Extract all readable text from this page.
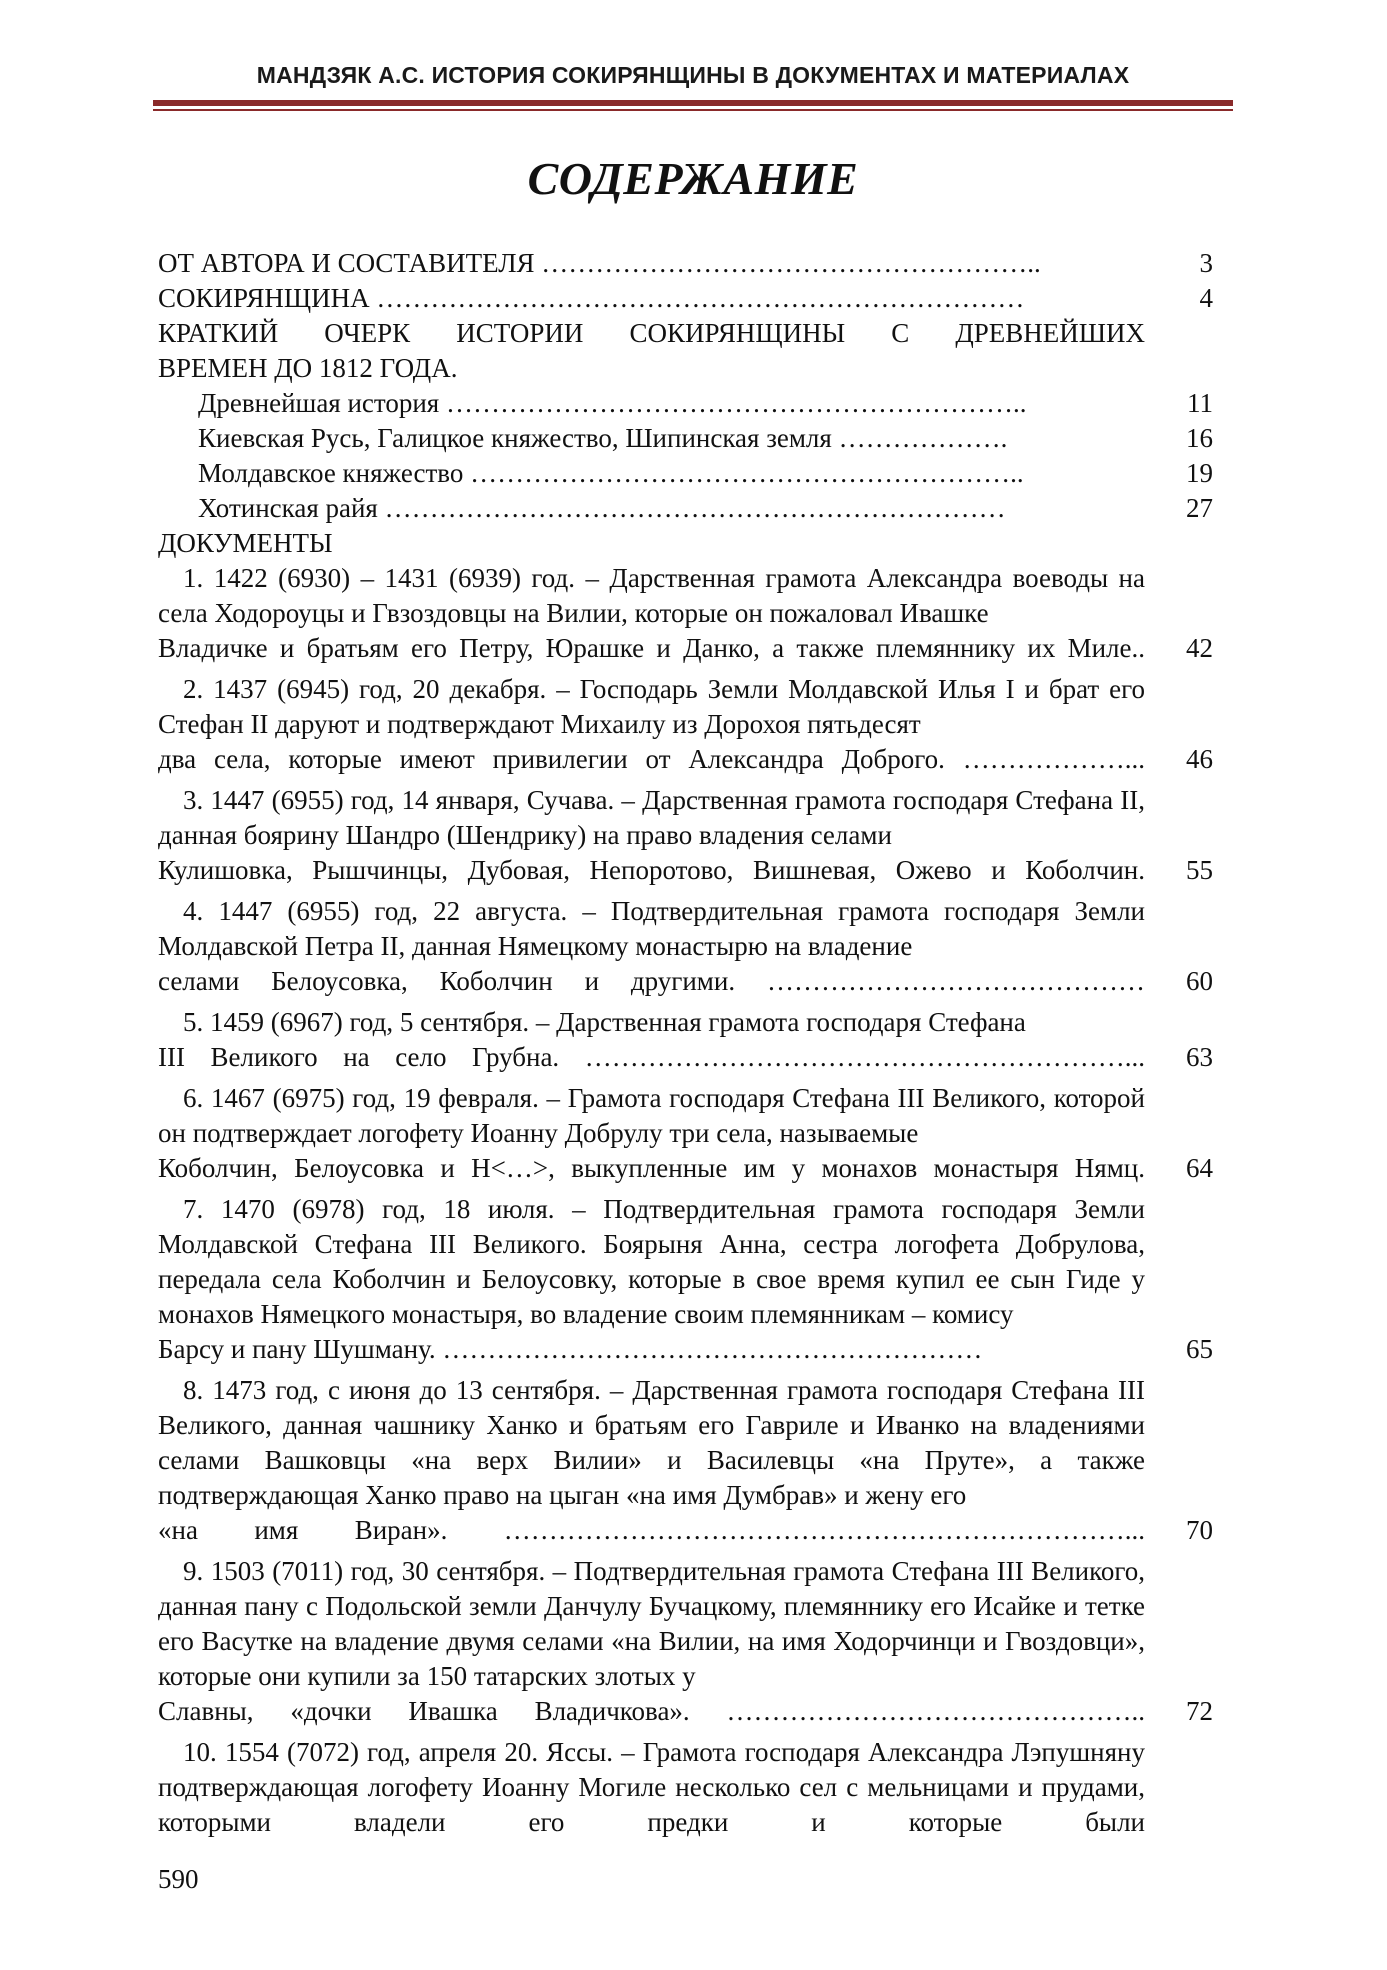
МАНДЗЯК А.С. ИСТОРИЯ СОКИРЯНЩИНЫ В ДОКУМЕНТАХ И МАТЕРИАЛАХ
СОДЕРЖАНИЕ
ОТ АВТОРА И СОСТАВИТЕЛЯ ………………………………………………..	3
СОКИРЯНЩИНА ………………………………………………………………	4
КРАТКИЙ ОЧЕРК ИСТОРИИ СОКИРЯНЩИНЫ С ДРЕВНЕЙШИХ
ВРЕМЕН ДО 1812 ГОДА.
Древнейшая история ………………………………………………………..	11
Киевская Русь, Галицкое княжество, Шипинская земля ……………….	16
Молдавское княжество ……………………………………………………..	19
Хотинская райя ……………………………………………………………	27
ДОКУМЕНТЫ
1. 1422 (6930) – 1431 (6939) год. – Дарственная грамота Александра воеводы на села Ходороуцы и Гвзоздовцы на Вилии, которые он пожаловал Ивашке
Владичке и братьям его Петру, Юрашке и Данко, а также племяннику их Миле..	42
2. 1437 (6945) год, 20 декабря. – Господарь Земли Молдавской Илья I и брат его Стефан II даруют и подтверждают Михаилу из Дорохоя пятьдесят
два села, которые имеют привилегии от Александра Доброго. ………………...	46
3. 1447 (6955) год, 14 января, Сучава. – Дарственная грамота господаря Стефана II, данная боярину Шандро (Шендрику) на право владения селами
Кулишовка, Рышчинцы, Дубовая, Непоротово, Вишневая, Ожево и Коболчин.	55
4. 1447 (6955) год, 22 августа. – Подтвердительная грамота господаря Земли Молдавской Петра II, данная Нямецкому монастырю на владение
селами Белоусовка, Коболчин и другими. ……………………………………	60
5. 1459 (6967) год, 5 сентября. – Дарственная грамота господаря Стефана
III Великого на село Грубна. ……………………………………………………...	63
6. 1467 (6975) год, 19 февраля. – Грамота господаря Стефана III Великого, которой он подтверждает логофету Иоанну Добрулу три села, называемые
Коболчин, Белоусовка и Н<…>, выкупленные им у монахов монастыря Нямц.	64
7. 1470 (6978) год, 18 июля. – Подтвердительная грамота господаря Земли Молдавской Стефана III Великого. Боярыня Анна, сестра логофета Добрулова, передала села Коболчин и Белоусовку, которые в свое время купил ее сын Гиде у монахов Нямецкого монастыря, во владение своим племянникам – комису
Барсу и пану Шушману. ……………………………………………………	65
8. 1473 год, с июня до 13 сентября. – Дарственная грамота господаря Стефана III Великого, данная чашнику Ханко и братьям его Гавриле и Иванко на владениями селами Вашковцы «на верх Вилии» и Василевцы «на Пруте», а также подтверждающая Ханко право на цыган «на имя Думбрав» и жену его
«на имя Виран». ……………………………………………………………...	70
9. 1503 (7011) год, 30 сентября. – Подтвердительная грамота Стефана III Великого, данная пану с Подольской земли Данчулу Бучацкому, племяннику его Исайке и тетке его Васутке на владение двумя селами «на Вилии, на имя Ходорчинци и Гвоздовци», которые они купили за 150 татарских злотых у
Славны, «дочки Ивашка Владичкова». ………………………………………..	72
10. 1554 (7072) год, апреля 20. Яссы. – Грамота господаря Александра Лэпушняну подтверждающая логофету Иоанну Могиле несколько сел с мельницами и прудами, которыми владели его предки и которые были
590
